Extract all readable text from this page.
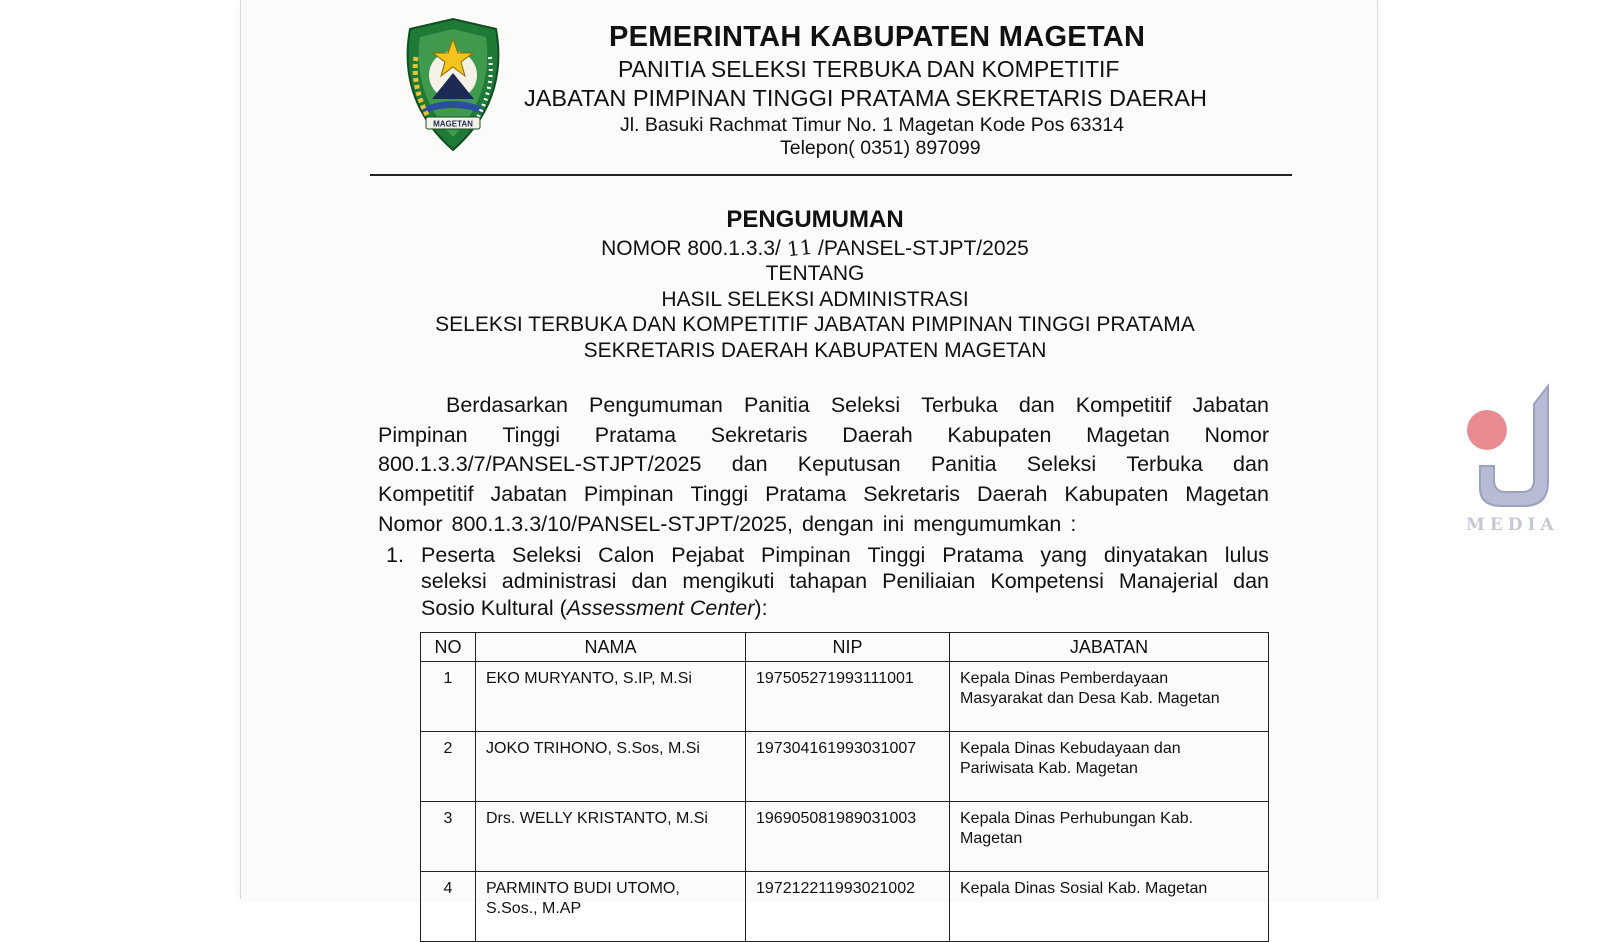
MAGETAN
PEMERINTAH KABUPATEN MAGETAN
PANITIA SELEKSI TERBUKA DAN KOMPETITIF
JABATAN PIMPINAN TINGGI PRATAMA SEKRETARIS DAERAH
Jl. Basuki Rachmat Timur No. 1 Magetan Kode Pos 63314
Telepon( 0351) 897099
PENGUMUMAN
NOMOR 800.1.3.3/ 11 /PANSEL-STJPT/2025
TENTANG
HASIL SELEKSI ADMINISTRASI
SELEKSI TERBUKA DAN KOMPETITIF JABATAN PIMPINAN TINGGI PRATAMA
SEKRETARIS DAERAH KABUPATEN MAGETAN
Berdasarkan Pengumuman Panitia Seleksi Terbuka dan Kompetitif Jabatan
Pimpinan Tinggi Pratama Sekretaris Daerah Kabupaten Magetan Nomor
800.1.3.3/7/PANSEL-STJPT/2025 dan Keputusan Panitia Seleksi Terbuka dan
Kompetitif Jabatan Pimpinan Tinggi Pratama Sekretaris Daerah Kabupaten Magetan
Nomor 800.1.3.3/10/PANSEL-STJPT/2025, dengan ini mengumumkan :
1. Peserta Seleksi Calon Pejabat Pimpinan Tinggi Pratama yang dinyatakan lulus
seleksi administrasi dan mengikuti tahapan Peniliaian Kompetensi Manajerial dan
Sosio Kultural (Assessment Center):
NO	NAMA	NIP	JABATAN
1	EKO MURYANTO, S.IP, M.Si	197505271993111001	Kepala Dinas Pemberdayaan
Masyarakat dan Desa Kab. Magetan

2	JOKO TRIHONO, S.Sos, M.Si	197304161993031007	Kepala Dinas Kebudayaan dan
Pariwisata Kab. Magetan

3	Drs. WELLY KRISTANTO, M.Si	196905081989031003	Kepala Dinas Perhubungan Kab.
Magetan

4	PARMINTO BUDI UTOMO,
S.Sos., M.AP	197212211993021002	Kepala Dinas Sosial Kab. Magetan
MEDIA
